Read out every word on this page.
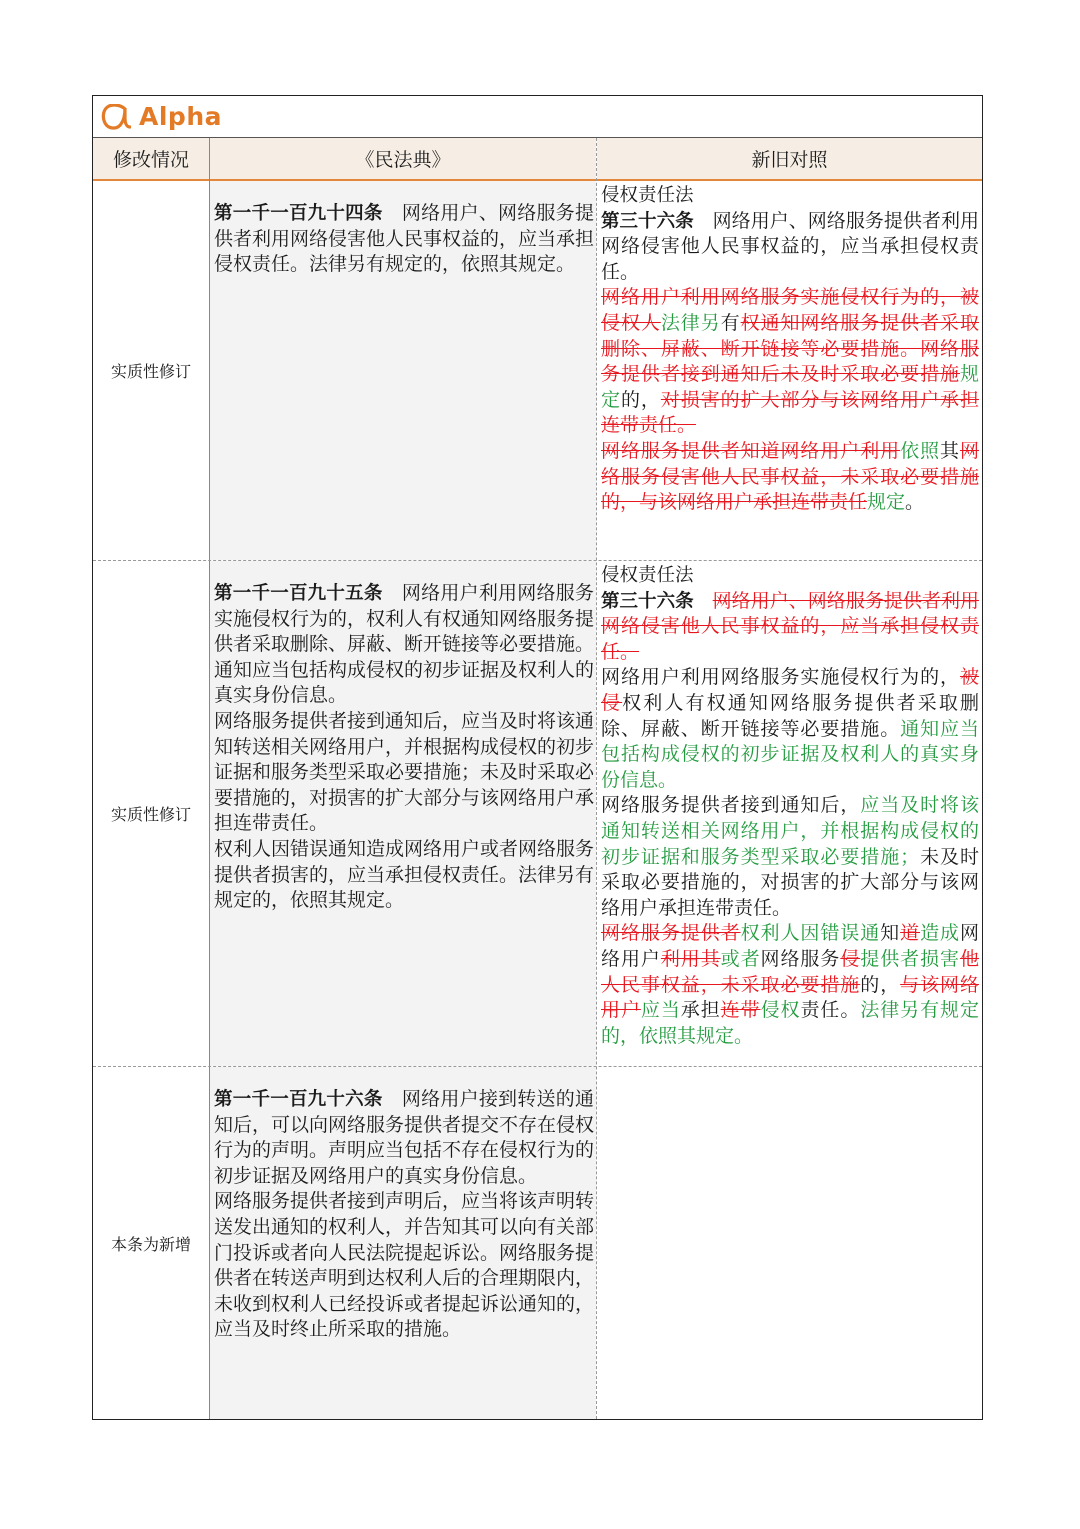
Alpha
修改情况	《民法典》	新旧对照
实质性修订

第一千一百九十四条　 网络用户、网络服务提供者利用网络侵害他人民事权益的，应当承担侵权责任。法律另有规定的，依照其规定。

侵权责任法

第三十六条　 网络用户、网络服务提供者利用网络侵害他人民事权益的，应当承担侵权责任。

网络用户利用网络服务实施侵权行为的，被侵权人法律另有权通知网络服务提供者采取删除、屏蔽、断开链接等必要措施。网络服务提供者接到通知后未及时采取必要措施规定的，对损害的扩大部分与该网络用户承担连带责任。

网络服务提供者知道网络用户利用依照其网络服务侵害他人民事权益，未采取必要措施的，与该网络用户承担连带责任规定。

实质性修订

第一千一百九十五条　 网络用户利用网络服务实施侵权行为的，权利人有权通知网络服务提供者采取删除、屏蔽、断开链接等必要措施。通知应当包括构成侵权的初步证据及权利人的真实身份信息。

网络服务提供者接到通知后，应当及时将该通知转送相关网络用户，并根据构成侵权的初步证据和服务类型采取必要措施；未及时采取必要措施的，对损害的扩大部分与该网络用户承担连带责任。

权利人因错误通知造成网络用户或者网络服务提供者损害的，应当承担侵权责任。法律另有规定的，依照其规定。

侵权责任法

第三十六条　 网络用户、网络服务提供者利用网络侵害他人民事权益的，应当承担侵权责任。

网络用户利用网络服务实施侵权行为的，被侵权利人有权通知网络服务提供者采取删除、屏蔽、断开链接等必要措施。通知应当包括构成侵权的初步证据及权利人的真实身份信息。

网络服务提供者接到通知后，应当及时将该通知转送相关网络用户，并根据构成侵权的初步证据和服务类型采取必要措施；未及时采取必要措施的，对损害的扩大部分与该网络用户承担连带责任。

网络服务提供者权利人因错误通知道造成网络用户利用其或者网络服务侵提供者损害他人民事权益，未采取必要措施的，与该网络用户应当承担连带侵权责任。法律另有规定的，依照其规定。

本条为新增

第一千一百九十六条　 网络用户接到转送的通知后，可以向网络服务提供者提交不存在侵权行为的声明。声明应当包括不存在侵权行为的初步证据及网络用户的真实身份信息。

网络服务提供者接到声明后，应当将该声明转送发出通知的权利人，并告知其可以向有关部门投诉或者向人民法院提起诉讼。网络服务提供者在转送声明到达权利人后的合理期限内，未收到权利人已经投诉或者提起诉讼通知的，应当及时终止所采取的措施。
